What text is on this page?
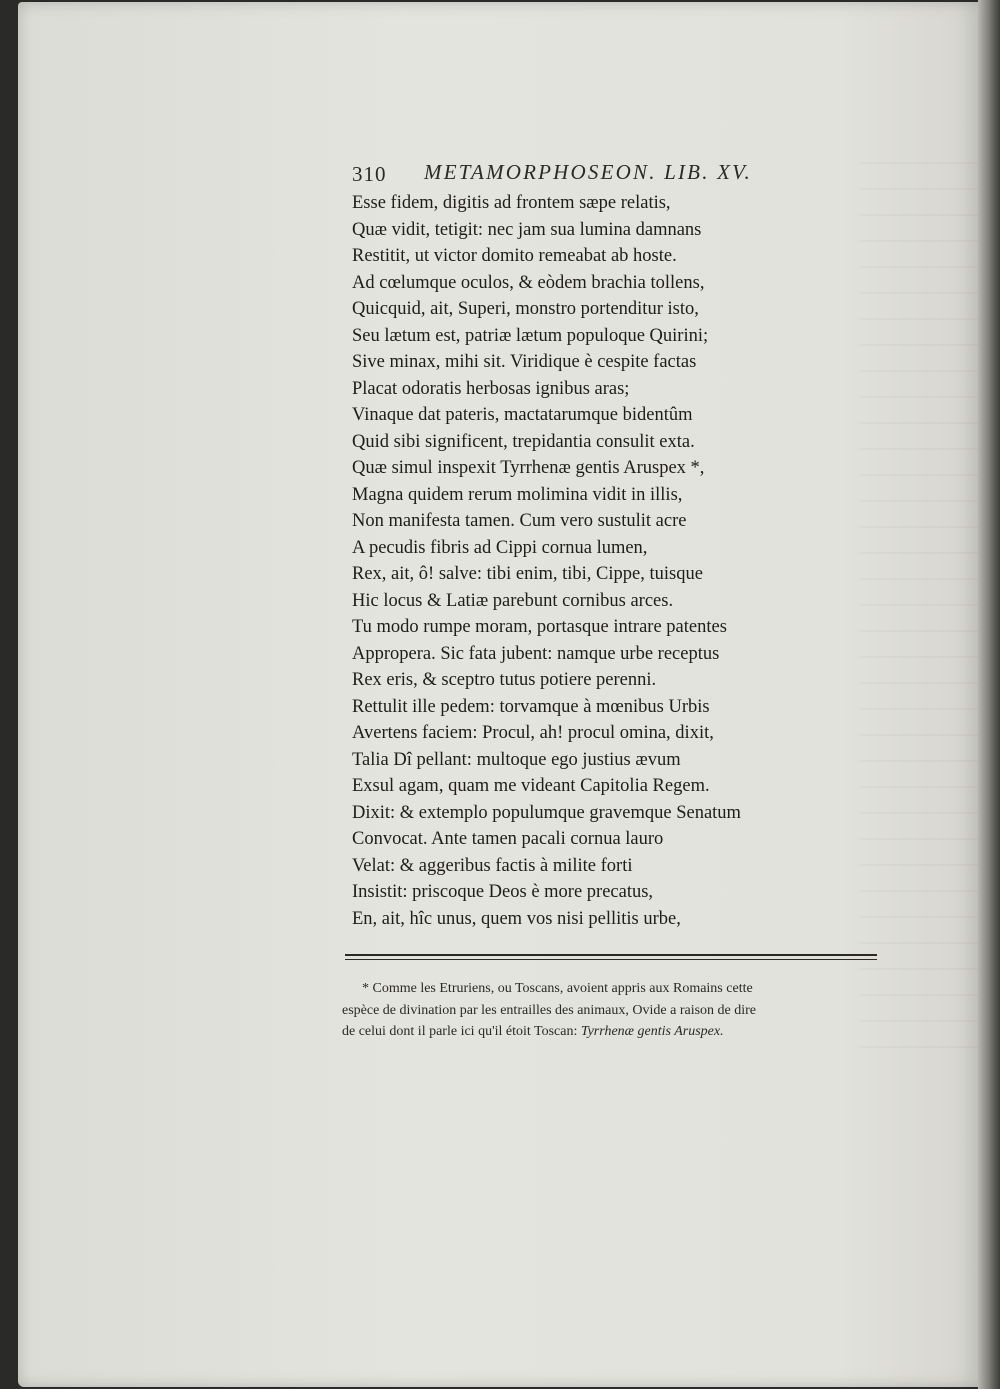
310 METAMORPHOSEON. LIB. XV.
Esse fidem, digitis ad frontem sæpe relatis,
Quæ vidit, tetigit: nec jam sua lumina damnans
Restitit, ut victor domito remeabat ab hoste.
Ad cœlumque oculos, & eòdem brachia tollens,
Quicquid, ait, Superi, monstro portenditur isto,
Seu lætum est, patriæ lætum populoque Quirini;
Sive minax, mihi sit. Viridique è cespite factas
Placat odoratis herbosas ignibus aras;
Vinaque dat pateris, mactatarumque bidentûm
Quid sibi significent, trepidantia consulit exta.
Quæ simul inspexit Tyrrhenæ gentis Aruspex *,
Magna quidem rerum molimina vidit in illis,
Non manifesta tamen. Cum vero sustulit acre
A pecudis fibris ad Cippi cornua lumen,
Rex, ait, ô! salve: tibi enim, tibi, Cippe, tuisque
Hic locus & Latiæ parebunt cornibus arces.
Tu modo rumpe moram, portasque intrare patentes
Appropera. Sic fata jubent: namque urbe receptus
Rex eris, & sceptro tutus potiere perenni.
Rettulit ille pedem: torvamque à mœnibus Urbis
Avertens faciem: Procul, ah! procul omina, dixit,
Talia Dî pellant: multoque ego justius ævum
Exsul agam, quam me videant Capitolia Regem.
Dixit: & extemplo populumque gravemque Senatum
Convocat. Ante tamen pacali cornua lauro
Velat: & aggeribus factis à milite forti
Insistit: priscoque Deos è more precatus,
En, ait, hîc unus, quem vos nisi pellitis urbe,
* Comme les Etruriens, ou Toscans, avoient appris aux Romains cette
espèce de divination par les entrailles des animaux, Ovide a raison de dire
de celui dont il parle ici qu'il étoit Toscan: Tyrrhenæ gentis Aruspex.
